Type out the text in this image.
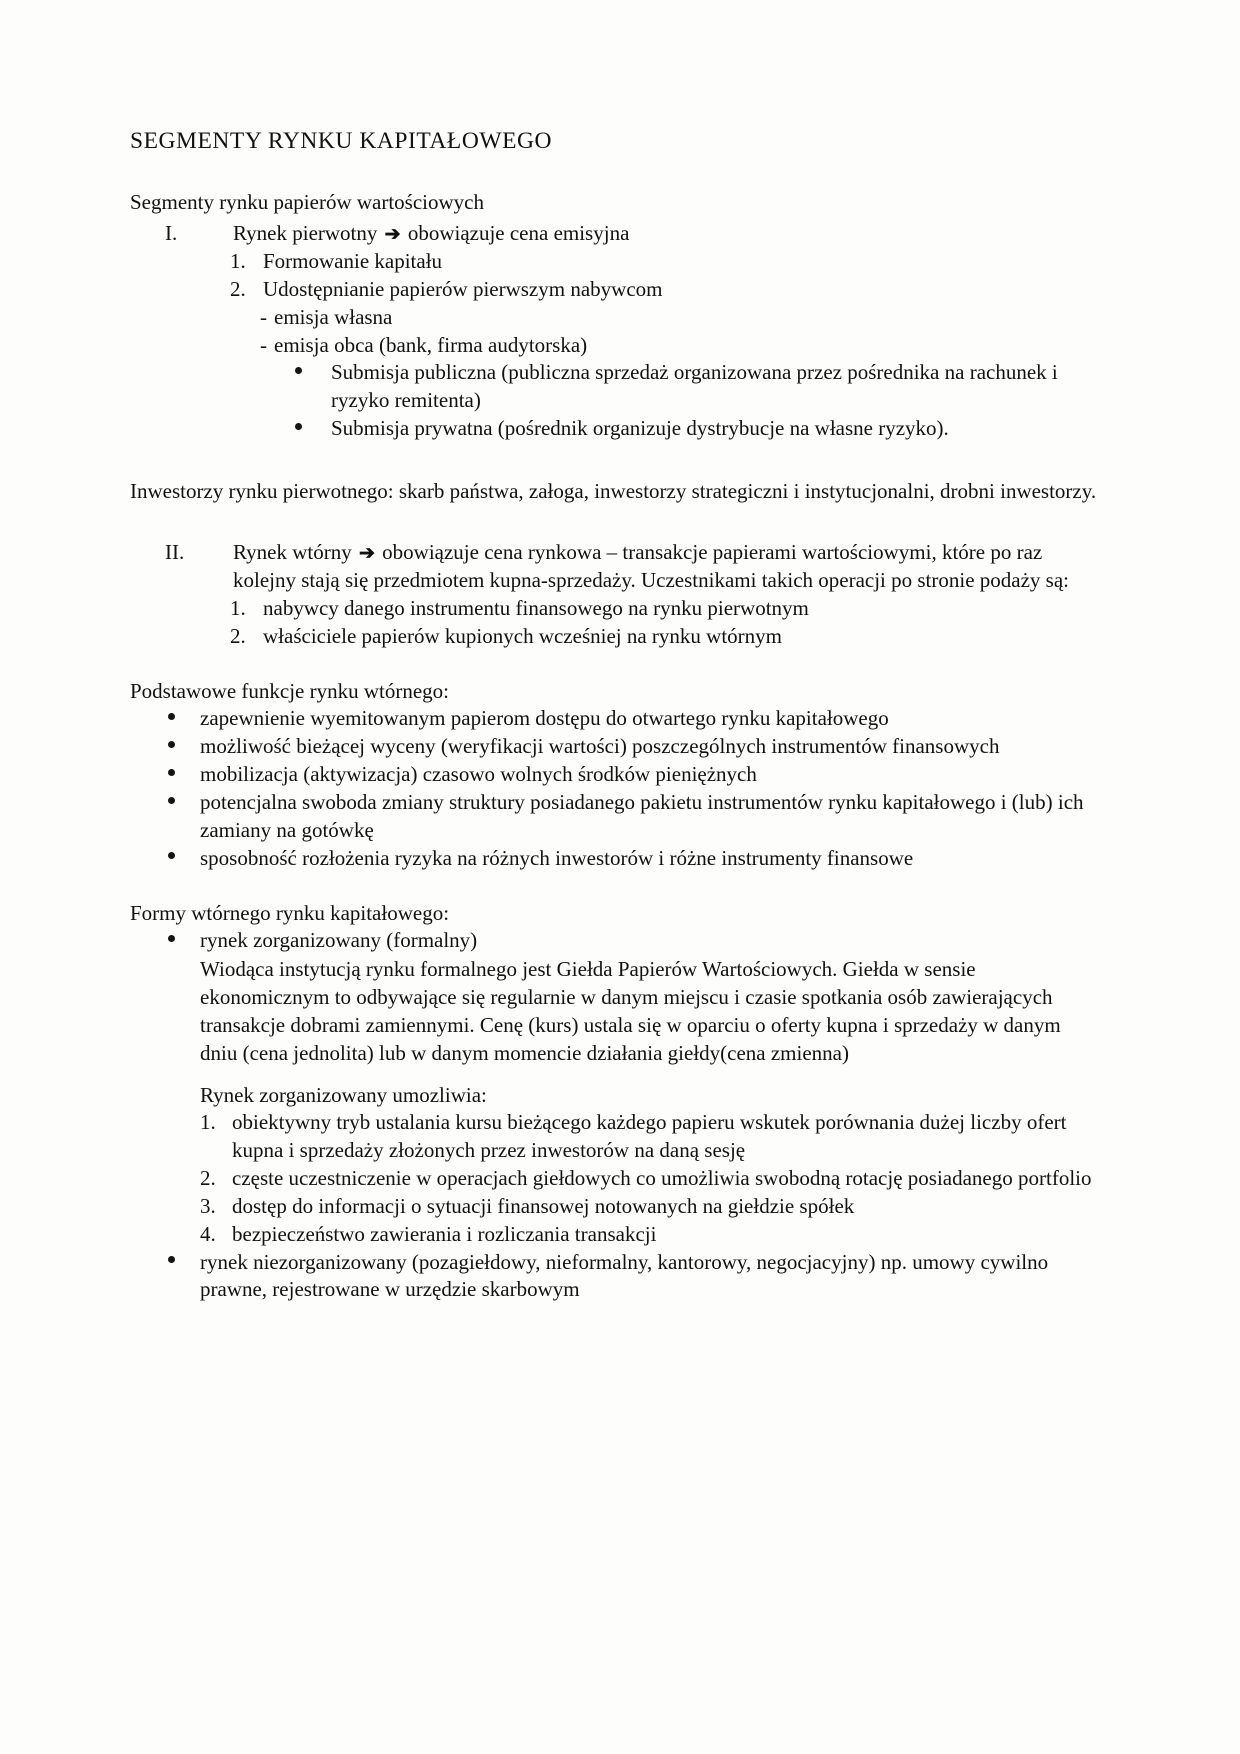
SEGMENTY RYNKU KAPITAŁOWEGO

Segmenty rynku papierów wartościowych

I.	Rynek pierwotny ➔ obowiązuje cena emisyjna
1. Formowanie kapitału
2. Udostępnianie papierów pierwszym nabywcom
- emisja własna
- emisja obca (bank, firma audytorska)
Submisja publiczna (publiczna sprzedaż organizowana przez pośrednika na rachunek i ryzyko remitenta)
Submisja prywatna (pośrednik organizuje dystrybucje na własne ryzyko).

Inwestorzy rynku pierwotnego: skarb państwa, załoga, inwestorzy strategiczni i instytucjonalni, drobni inwestorzy.

II.	Rynek wtórny ➔ obowiązuje cena rynkowa – transakcje papierami wartościowymi, które po raz kolejny stają się przedmiotem kupna-sprzedaży. Uczestnikami takich operacji po stronie podaży są:
1. nabywcy danego instrumentu finansowego na rynku pierwotnym
2. właściciele papierów kupionych wcześniej na rynku wtórnym

Podstawowe funkcje rynku wtórnego:

zapewnienie wyemitowanym papierom dostępu do otwartego rynku kapitałowego
możliwość bieżącej wyceny (weryfikacji wartości) poszczególnych instrumentów finansowych
mobilizacja (aktywizacja) czasowo wolnych środków pieniężnych
potencjalna swoboda zmiany struktury posiadanego pakietu instrumentów rynku kapitałowego i (lub) ich zamiany na gotówkę
sposobność rozłożenia ryzyka na różnych inwestorów i różne instrumenty finansowe

Formy wtórnego rynku kapitałowego:

rynek zorganizowany (formalny)

Wiodąca instytucją rynku formalnego jest Giełda Papierów Wartościowych. Giełda w sensie ekonomicznym to odbywające się regularnie w danym miejscu i czasie spotkania osób zawierających transakcje dobrami zamiennymi. Cenę (kurs) ustala się w oparciu o oferty kupna i sprzedaży w danym dniu (cena jednolita) lub w danym momencie działania giełdy(cena zmienna)

Rynek zorganizowany umozliwia:

1. obiektywny tryb ustalania kursu bieżącego każdego papieru wskutek porównania dużej liczby ofert kupna i sprzedaży złożonych przez inwestorów na daną sesję
2. częste uczestniczenie w operacjach giełdowych co umożliwia swobodną rotację posiadanego portfolio
3. dostęp do informacji o sytuacji finansowej notowanych na giełdzie spółek
4. bezpieczeństwo zawierania i rozliczania transakcji
rynek niezorganizowany (pozagiełdowy, nieformalny, kantorowy, negocjacyjny) np. umowy cywilno prawne, rejestrowane w urzędzie skarbowym
